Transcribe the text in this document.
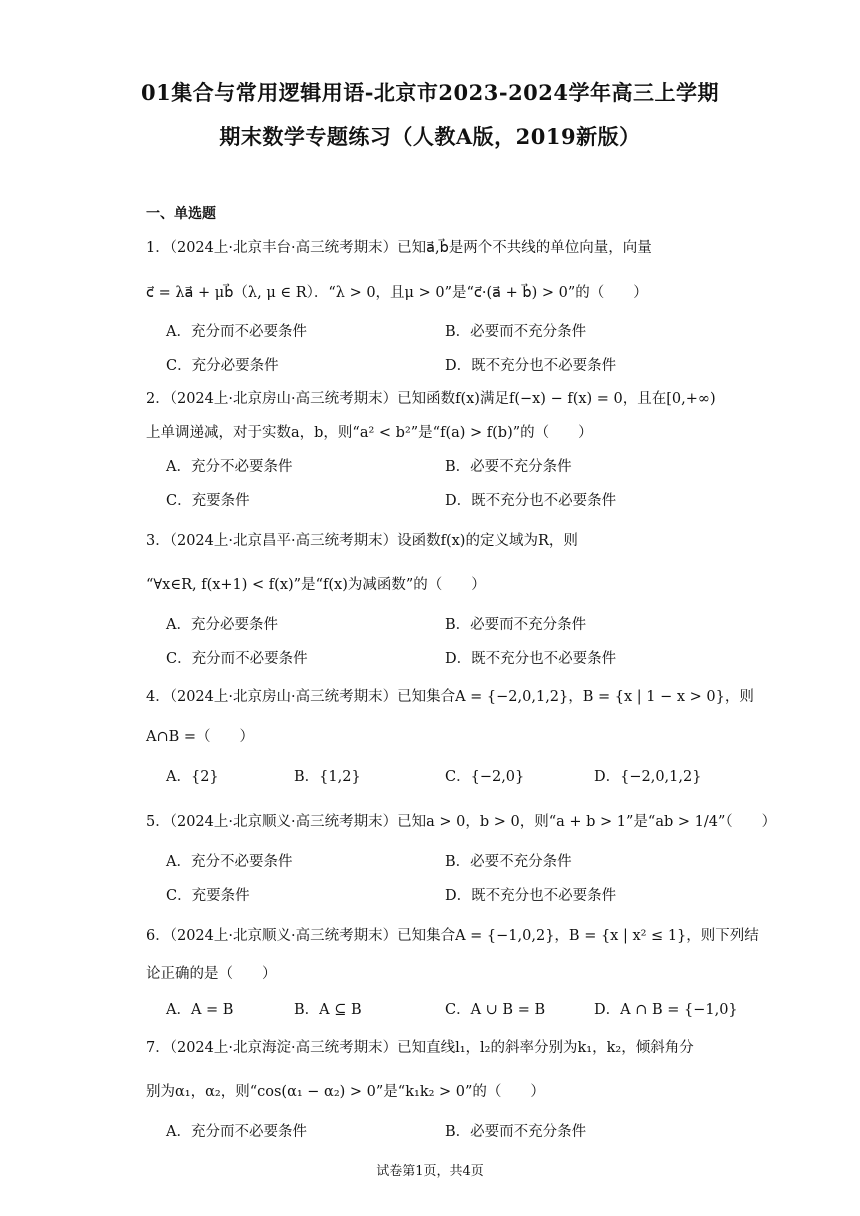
01集合与常用逻辑用语-北京市2023-2024学年高三上学期
期末数学专题练习（人教A版，2019新版）
一、单选题
1．（2024上·北京丰台·高三统考期末）已知a⃗,b⃗是两个不共线的单位向量，向量
c⃗ = λa⃗ + μb⃗（λ, μ ∈ R）．“λ > 0，且μ > 0”是“c⃗·(a⃗ + b⃗) > 0”的（　　）
A．充分而不必要条件	B．必要而不充分条件
C．充分必要条件	D．既不充分也不必要条件
2．（2024上·北京房山·高三统考期末）已知函数f(x)满足f(−x) − f(x) = 0，且在[0,+∞)
上单调递减，对于实数a，b，则“a² < b²”是“f(a) > f(b)”的（　　）
A．充分不必要条件	B．必要不充分条件
C．充要条件	D．既不充分也不必要条件
3．（2024上·北京昌平·高三统考期末）设函数f(x)的定义域为R，则
“∀x∈R, f(x+1) < f(x)”是“f(x)为减函数”的（　　）
A．充分必要条件	B．必要而不充分条件
C．充分而不必要条件	D．既不充分也不必要条件
4．（2024上·北京房山·高三统考期末）已知集合A = {−2,0,1,2}，B = {x | 1 − x > 0}，则
A∩B =（　　）
A．{2}	B．{1,2}	C．{−2,0}	D．{−2,0,1,2}
5．（2024上·北京顺义·高三统考期末）已知a > 0，b > 0，则“a + b > 1”是“ab > 1/4”（　　）
A．充分不必要条件	B．必要不充分条件
C．充要条件	D．既不充分也不必要条件
6．（2024上·北京顺义·高三统考期末）已知集合A = {−1,0,2}，B = {x | x² ≤ 1}，则下列结
论正确的是（　　）
A．A = B	B．A ⊆ B	C．A ∪ B = B	D．A ∩ B = {−1,0}
7．（2024上·北京海淀·高三统考期末）已知直线l₁，l₂的斜率分别为k₁，k₂，倾斜角分
别为α₁，α₂，则“cos(α₁ − α₂) > 0”是“k₁k₂ > 0”的（　　）
A．充分而不必要条件	B．必要而不充分条件
试卷第1页，共4页
